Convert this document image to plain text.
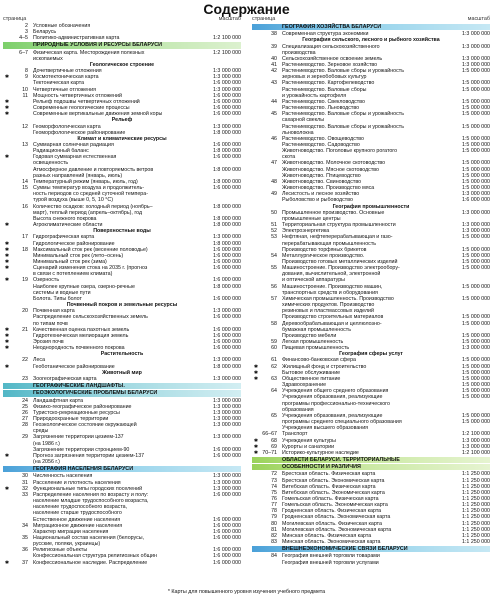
Содержание
страница	масштаб
2 Условные обозначения
3 Беларусь
4–5 Политико-административная карта	1:2 100 000
ПРИРОДНЫЕ УСЛОВИЯ И РЕСУРСЫ БЕЛАРУСИ
6–7 Физическая карта. Месторождения полезных	1:2 100 000
ископаемых
Геологическое строение
8 Дочетвертичные отложения	1:3 000 000
✱	9 Космотектоническая карта	1:3 000 000
Тектоническая карта	1:6 000 000
10 Четвертичные отложения	1:3 000 000
11 Мощность четвертичных отложений	1:6 000 000
✱	Рельеф подошвы четвертичных отложений	1:6 000 000
✱	Современные геологические процессы	1:6 000 000
✱	Современные вертикальные движения земной коры	1:6 000 000
Рельеф
12 Геоморфологическая карта	1:3 000 000
Геоморфологическое районирование	1:8 000 000
Климат и климатические ресурсы
13 Суммарная солнечная радиация	1:6 000 000
Радиационный баланс	1:8 000 000
✱	Годовая суммарная естественная	1:6 000 000
освещенность
Атмосферное давление и повторяемость ветров	1:8 000 000
разных направлений (январь, июль)
14 Температурный режим (январь, июль, год)	1:8 000 000
15 Суммы температур воздуха и продолжитель-	1:6 000 000
ность периодов со средней суточной темпера-
турой воздуха (выше 0, 5, 10 °С)
16 Количество осадков: холодный период (ноябрь–	1:8 000 000
март), теплый период (апрель–октябрь), год
Высота снежного покрова	1:8 000 000
✱	Агроклиматические области	1:8 000 000
Поверхностные воды
17 Гидрографическая карта	1:3 000 000
✱	Гидрологическое районирование	1:8 000 000
✱	18 Максимальный сток рек (весенние половодье)	1:6 000 000
✱	Минимальный сток рек (лето–осень)	1:6 000 000
✱	Минимальный сток рек (зима)	1:6 000 000
✱	Сценарий изменения стока на 2035 г. (прогноз	1:6 000 000
в связи с потеплением климата)
✱	19 Озерность	1:6 000 000
Наиболее крупные озера, озерно-речные	1:8 000 000
системы и водные пути
Болота. Типы болот	1:6 000 000
Почвенный покров и земельные ресурсы
20 Почвенная карта	1:3 000 000
Распределение сельскохозяйственных земель	1:6 000 000
по типам почв
✱	21 Качественная оценка пахотных земель	1:6 000 000
✱	Гидротехническая мелиорация земель	1:6 000 000
✱	Эрозия почв	1:6 000 000
✱	Неоднородность почвенного покрова	1:6 000 000
Растительность
22 Леса	1:3 000 000
✱	Геоботаническое районирование	1:8 000 000
Животный мир
23 Зоогеографическая карта	1:3 000 000
ГЕОГРАФИЧЕСКИЕ ЛАНДШАФТЫ.
ГЕОЭКОЛОГИЧЕСКИЕ ПРОБЛЕМЫ БЕЛАРУСИ
24 Ландшафтная карта	1:3 000 000
25 Физико-географическое районирование	1:3 000 000
26 Туристско-рекреационные ресурсы	1:3 000 000
27 Природоохранные территории	1:3 000 000
28 Геоэкологическое состояние окружающей	1:3 000 000
среды
29 Загрязнение территории цезием-137	1:3 000 000
(на 1986 г.)
Загрязнение территории стронцием-90	1:6 000 000
✱	Прогноз загрязнения территории цезием-137	1:6 000 000
(на 2056 г.)
ГЕОГРАФИЯ НАСЕЛЕНИЯ БЕЛАРУСИ
30 Численность населения	1:3 000 000
31 Расселение и плотность населения	1:3 000 000
✱	32 Функциональные типы городских поселений	1:3 000 000
33 Распределение населения по возрасту и полу:	1:6 000 000
население младше трудоспособного возраста,
население трудоспособного возраста,
население старше трудоспособного
Естественное движение населения	1:6 000 000
34 Миграционное движение населения	1:6 000 000
Характер миграции населения	1:6 000 000
35 Национальный состав населения (белорусы,	1:6 000 000
русские, поляки, украинцы)
36 Религиозные объекты	1:6 000 000
Конфессиональная структура религиозных общин	1:6 000 000
✱	37 Конфессиональное наследие. Распределение	1:6 000 000
страница	масштаб
ГЕОГРАФИЯ ХОЗЯЙСТВА БЕЛАРУСИ
38 Современная структура экономики	1:3 000 000
География сельского, лесного и рыбного хозяйства
39 Специализация сельскохозяйственного	1:3 000 000
производства
40 Сельскохозяйственное освоение земель	1:3 000 000
41 Растениеводство. Зерновое хозяйство	1:3 000 000
42 Растениеводство. Валовые сборы и урожайность	1:5 000 000
зерновых и зернобобовых культур
43 Растениеводство. Картофелеводство	1:5 000 000
Растениеводство. Валовые сборы	1:5 000 000
и урожайность картофеля
44 Растениеводство. Свекловодство	1:5 000 000
Растениеводство. Льноводство	1:5 000 000
45 Растениеводство. Валовые сборы и урожайность	1:5 000 000
сахарной свеклы
Растениеводство. Валовые сборы и урожайность	1:5 000 000
льноволокна
46 Растениеводство. Овощеводство	1:5 000 000
Растениеводство. Садоводство	1:5 000 000
Животноводство. Поголовье крупного рогатого	1:5 000 000
скота
47 Животноводство. Молочное скотоводство	1:5 000 000
Животноводство. Мясное скотоводство	1:5 000 000
Животноводство. Птицеводство	1:5 000 000
48 Животноводство. Свиноводство	1:5 000 000
Животноводство. Производство мяса	1:5 000 000
49 Лесистость и лесное хозяйство	1:3 000 000
Рыболовство и рыбоводство	1:6 000 000
География промышленности
50 Промышленное производство. Основные	1:3 000 000
промышленные центры
51 Территориальная структура промышленности	1:3 000 000
52 Электроэнергетика	1:3 000 000
53 Нефтяная, нефтеперерабатывающая и газо-	1:5 000 000
перерабатывающая промышленность
Производство торфяных брикетов	1:5 000 000
54 Металлургическое производство.	1:5 000 000
Производство готовых металлических изделий	1:5 000 000
55 Машиностроение. Производство электрообору-	1:5 000 000
дования, вычислительной, электронной
и оптической аппаратуры
56 Машиностроение. Производство машин,	1:5 000 000
транспортных средств и оборудования
57 Химическая промышленность. Производство	1:5 000 000
химических продуктов. Производство
резиновых и пластмассовых изделий
Производство строительных материалов	1:5 000 000
58 Деревообрабатывающая и целлюлозно-	1:5 000 000
бумажная промышленность
Производство мебели	1:5 000 000
59 Легкая промышленность	1:5 000 000
60 Пищевая промышленность	1:3 000 000
География сферы услуг
61 Финансово-банковская сфера	1:5 000 000
✱	62 Жилищный фонд и строительство	1:5 000 000
✱	Бытовое обслуживание	1:5 000 000
✱	63 Общественное питание	1:5 000 000
Здравоохранение	1:5 000 000
64 Учреждения общего среднего образования	1:5 000 000
Учреждения образования, реализующие	1:5 000 000
программы профессионально-технического
образования
65 Учреждения образования, реализующие	1:5 000 000
программы среднего специального образования	1:5 000 000
Учреждения высшего образования
66–67 Транспорт	1:2 100 000
✱	68 Учреждения культуры	1:3 000 000
✱	69 Курорты и санатории	1:3 000 000
✱ 70–71 Историко-культурное наследие	1:2 100 000
ОБЛАСТИ БЕЛАРУСИ. ТЕРРИТОРИАЛЬНЫЕ
ОСОБЕННОСТИ И РАЗЛИЧИЯ
72 Брестская область. Физическая карта	1:1 250 000
73 Брестская область. Экономическая карта	1:1 250 000
74 Витебская область. Физическая карта	1:1 250 000
75 Витебская область. Экономическая карта	1:1 250 000
76 Гомельская область. Физическая карта	1:1 250 000
77 Гомельская область. Экономическая карта	1:1 250 000
78 Гродненская область. Физическая карта	1:1 250 000
79 Гродненская область. Экономическая карта	1:1 250 000
80 Могилевская область. Физическая карта	1:1 250 000
81 Могилевская область. Экономическая карта	1:1 250 000
82 Минская область. Физическая карта	1:1 250 000
83 Минская область. Экономическая карта	1:1 250 000
ВНЕШНЕЭКОНОМИЧЕСКИЕ СВЯЗИ БЕЛАРУСИ
84 География внешней торговли товарами
География внешней торговли услугами
* Карты для повышенного уровня изучения учебного предмета
